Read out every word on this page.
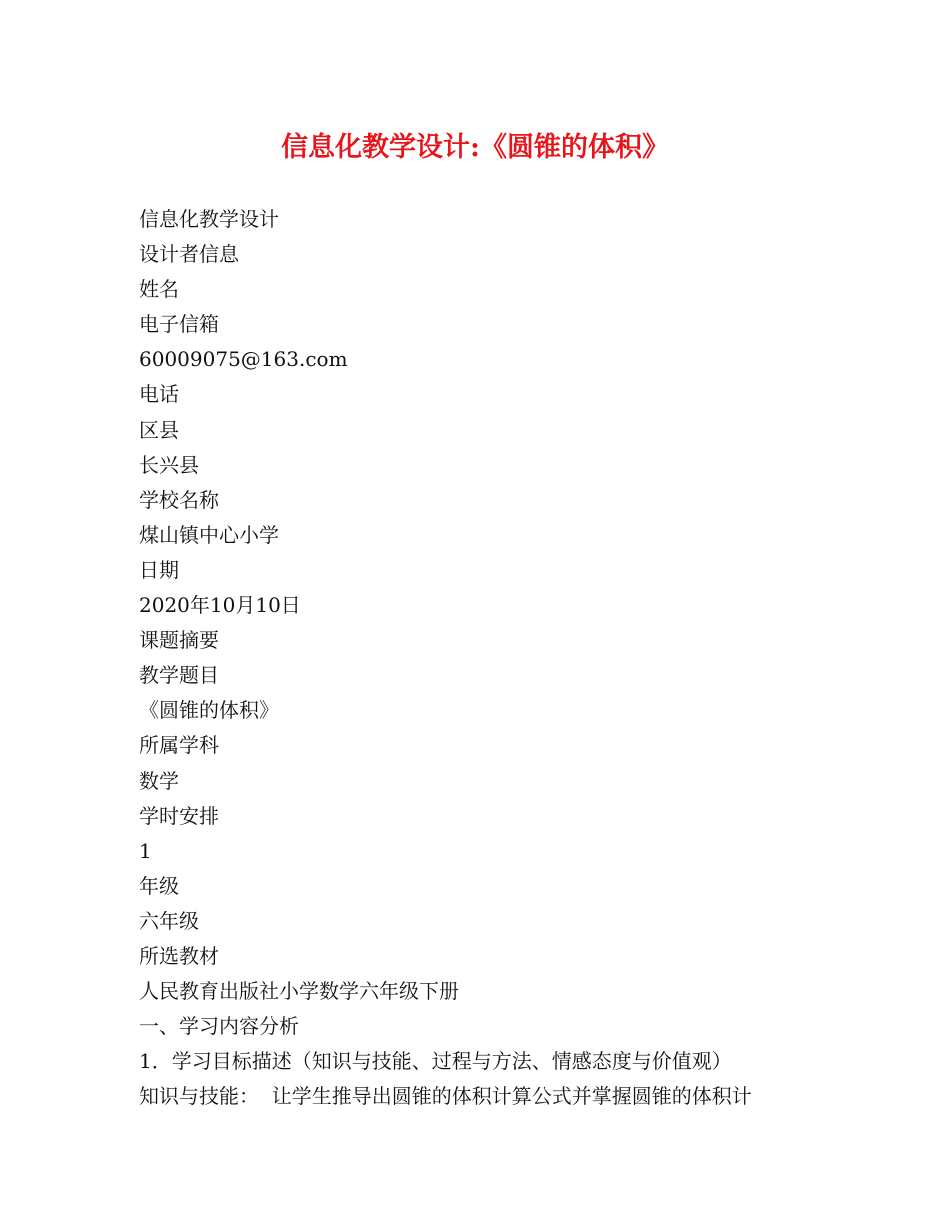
信息化教学设计:《圆锥的体积》
信息化教学设计
设计者信息
姓名
电子信箱
60009075@163.com
电话
区县
长兴县
学校名称
煤山镇中心小学
日期
2020年10月10日
课题摘要
教学题目
《圆锥的体积》
所属学科
数学
学时安排
1
年级
六年级
所选教材
人民教育出版社小学数学六年级下册
一、学习内容分析
1．学习目标描述（知识与技能、过程与方法、情感态度与价值观）
知识与技能：  让学生推导出圆锥的体积计算公式并掌握圆锥的体积计
